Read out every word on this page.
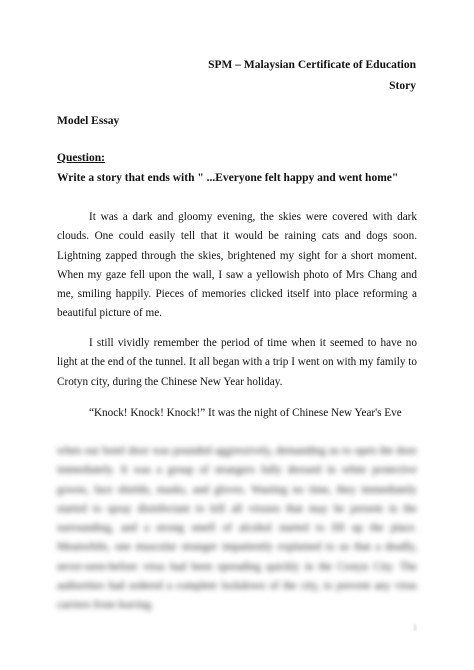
SPM – Malaysian Certificate of Education
Story
Model Essay
Question:
Write a story that ends with " ...Everyone felt happy and went home"
It was a dark and gloomy evening, the skies were covered with dark clouds. One could easily tell that it would be raining cats and dogs soon. Lightning zapped through the skies, brightened my sight for a short moment. When my gaze fell upon the wall, I saw a yellowish photo of Mrs Chang and me, smiling happily. Pieces of memories clicked itself into place reforming a beautiful picture of me.
I still vividly remember the period of time when it seemed to have no light at the end of the tunnel. It all began with a trip I went on with my family to Crotyn city, during the Chinese New Year holiday.
“Knock! Knock! Knock!” It was the night of Chinese New Year's Eve
when our hotel door was pounded aggressively, demanding us to open the door immediately. It was a group of strangers fully dressed in white protective gowns, face shields, masks, and gloves. Wasting no time, they immediately started to spray disinfectant to kill all viruses that may be present in the surrounding, and a strong smell of alcohol started to fill up the place. Meanwhile, one muscular stranger impatiently explained to us that a deadly, never-seen-before virus had been spreading quickly in the Crotyn City. The authorities had ordered a complete lockdown of the city, to prevent any virus carriers from leaving.
1
